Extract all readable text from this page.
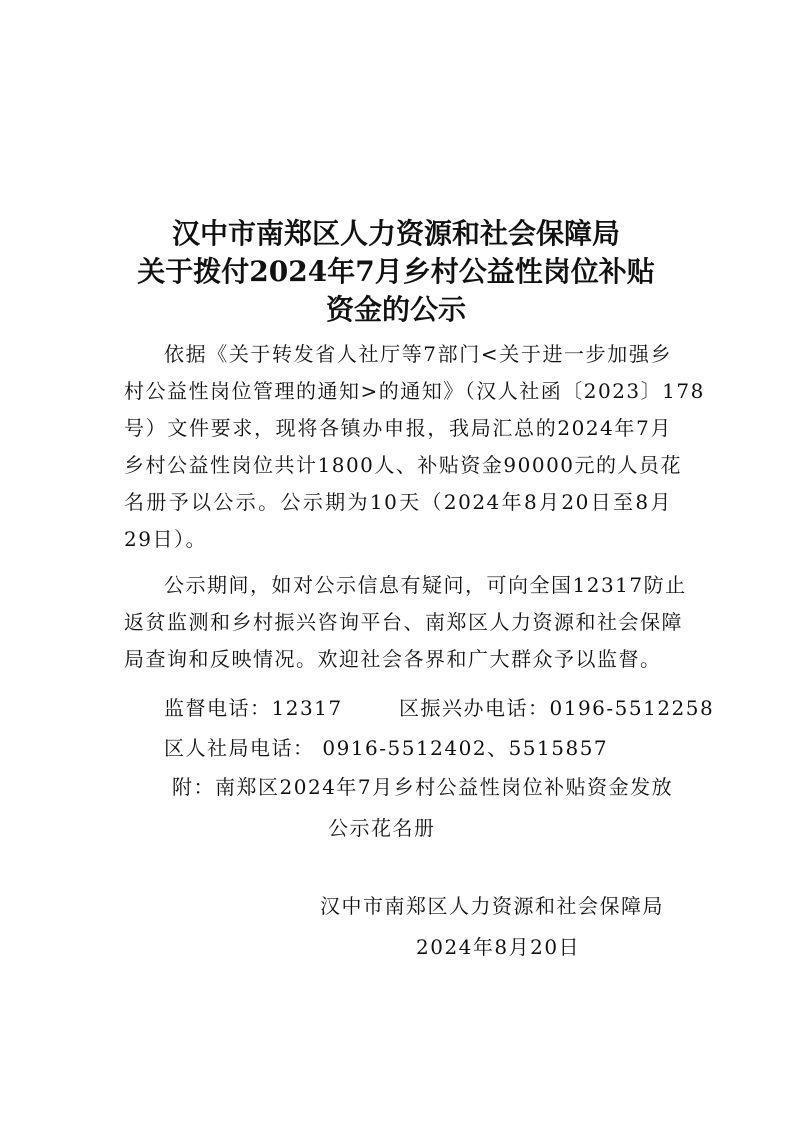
汉中市南郑区人力资源和社会保障局
关于拨付2024年7月乡村公益性岗位补贴
资金的公示
依据《关于转发省人社厅等7部门<关于进一步加强乡
村公益性岗位管理的通知>的通知》（汉人社函〔2023〕178
号）文件要求，现将各镇办申报，我局汇总的2024年7月
乡村公益性岗位共计1800人、补贴资金90000元的人员花
名册予以公示。公示期为10天（2024年8月20日至8月
29日）。
公示期间，如对公示信息有疑问，可向全国12317防止
返贫监测和乡村振兴咨询平台、南郑区人力资源和社会保障
局查询和反映情况。欢迎社会各界和广大群众予以监督。
监督电话：12317	区振兴办电话：0196-5512258
区人社局电话： 0916-5512402、5515857
附：南郑区2024年7月乡村公益性岗位补贴资金发放
公示花名册
汉中市南郑区人力资源和社会保障局
2024年8月20日
